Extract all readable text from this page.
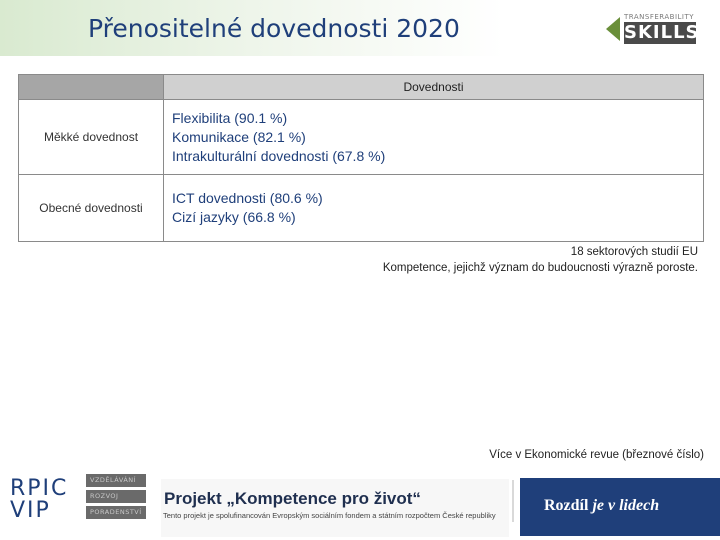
Přenositelné dovednosti 2020	TRANSFERABILITY
SKILLS
	Dovednosti
Měkké dovednost	Flexibilita (90.1 %)
Komunikace (82.1 %)
Intrakulturální dovednosti (67.8 %)

Obecné dovednosti	ICT dovednosti (80.6 %)
Cizí jazyky (66.8 %)
18 sektorových studií EU
Kompetence, jejichž význam do budoucnosti výrazně poroste.
Více v Ekonomické revue (březnové číslo)
RPIC
VIP
VZDĚLÁVÁNÍ
ROZVOJ
PORADENSTVÍ
Projekt „Kompetence pro život“
Tento projekt je spolufinancován Evropským sociálním fondem a státním rozpočtem České republiky
Rozdíl je v lidech
